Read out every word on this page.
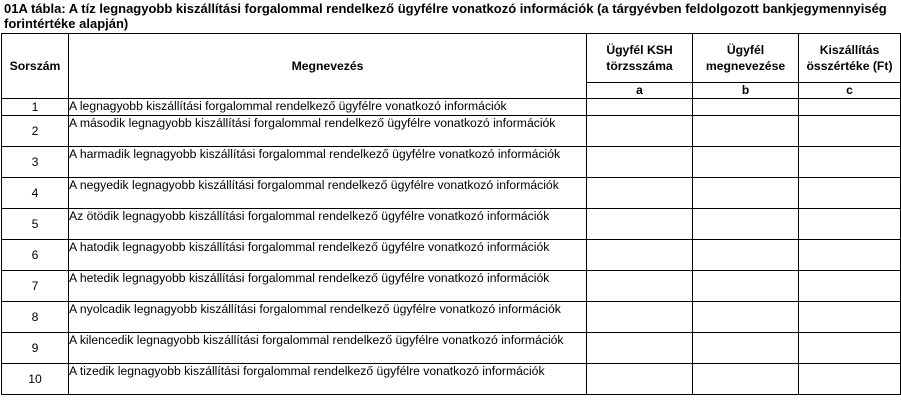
01A tábla: A tíz legnagyobb kiszállítási forgalommal rendelkező ügyfélre vonatkozó információk (a tárgyévben feldolgozott bankjegymennyiség forintértéke alapján)
Sorszám	Megnevezés	Ügyfél KSH törzsszáma	Ügyfél megnevezése	Kiszállítás összértéke (Ft)
		a	b	c
1	A legnagyobb kiszállítási forgalommal rendelkező ügyfélre vonatkozó információk			
2	A második legnagyobb kiszállítási forgalommal rendelkező ügyfélre vonatkozó információk			
3	A harmadik legnagyobb kiszállítási forgalommal rendelkező ügyfélre vonatkozó információk			
4	A negyedik legnagyobb kiszállítási forgalommal rendelkező ügyfélre vonatkozó információk			
5	Az ötödik legnagyobb kiszállítási forgalommal rendelkező ügyfélre vonatkozó információk			
6	A hatodik legnagyobb kiszállítási forgalommal rendelkező ügyfélre vonatkozó információk			
7	A hetedik legnagyobb kiszállítási forgalommal rendelkező ügyfélre vonatkozó információk			
8	A nyolcadik legnagyobb kiszállítási forgalommal rendelkező ügyfélre vonatkozó információk			
9	A kilencedik legnagyobb kiszállítási forgalommal rendelkező ügyfélre vonatkozó információk			
10	A tizedik legnagyobb kiszállítási forgalommal rendelkező ügyfélre vonatkozó információk			
